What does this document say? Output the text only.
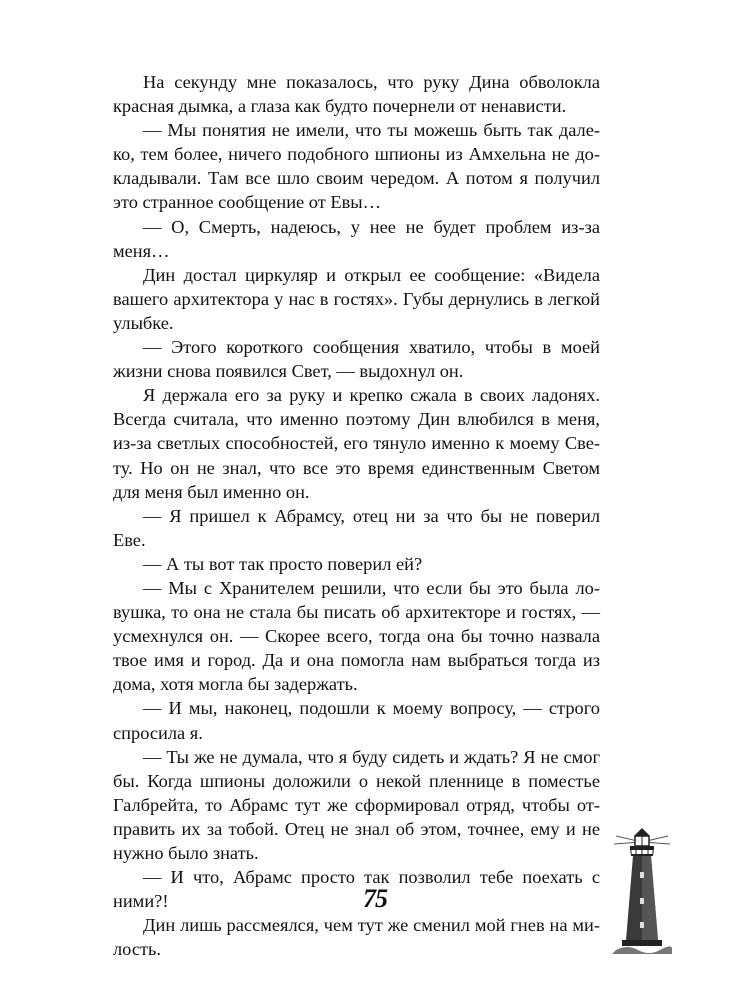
На секунду мне показалось, что руку Дина обволокла красная дымка, а глаза как будто почернели от ненависти.

— Мы понятия не имели, что ты можешь быть так далеко, тем более, ничего подобного шпионы из Амхельна не докладывали. Там все шло своим чередом. А потом я получил это странное сообщение от Евы…

— О, Смерть, надеюсь, у нее не будет проблем из-за меня…

Дин достал циркуляр и открыл ее сообщение: «Видела вашего архитектора у нас в гостях». Губы дернулись в легкой улыбке.

— Этого короткого сообщения хватило, чтобы в моей жизни снова появился Свет, — выдохнул он.

Я держала его за руку и крепко сжала в своих ладонях. Всегда считала, что именно поэтому Дин влюбился в меня, из-за светлых способностей, его тянуло именно к моему Свету. Но он не знал, что все это время единственным Светом для меня был именно он.

— Я пришел к Абрамсу, отец ни за что бы не поверил Еве.

— А ты вот так просто поверил ей?

— Мы с Хранителем решили, что если бы это была ловушка, то она не стала бы писать об архитекторе и гостях, — усмехнулся он. — Скорее всего, тогда она бы точно назвала твое имя и город. Да и она помогла нам выбраться тогда из дома, хотя могла бы задержать.

— И мы, наконец, подошли к моему вопросу, — строго спросила я.

— Ты же не думала, что я буду сидеть и ждать? Я не смог бы. Когда шпионы доложили о некой пленнице в поместье Галбрейта, то Абрамс тут же сформировал отряд, чтобы отправить их за тобой. Отец не знал об этом, точнее, ему и не нужно было знать.

— И что, Абрамс просто так позволил тебе поехать с ними?!

Дин лишь рассмеялся, чем тут же сменил мой гнев на милость.

75
